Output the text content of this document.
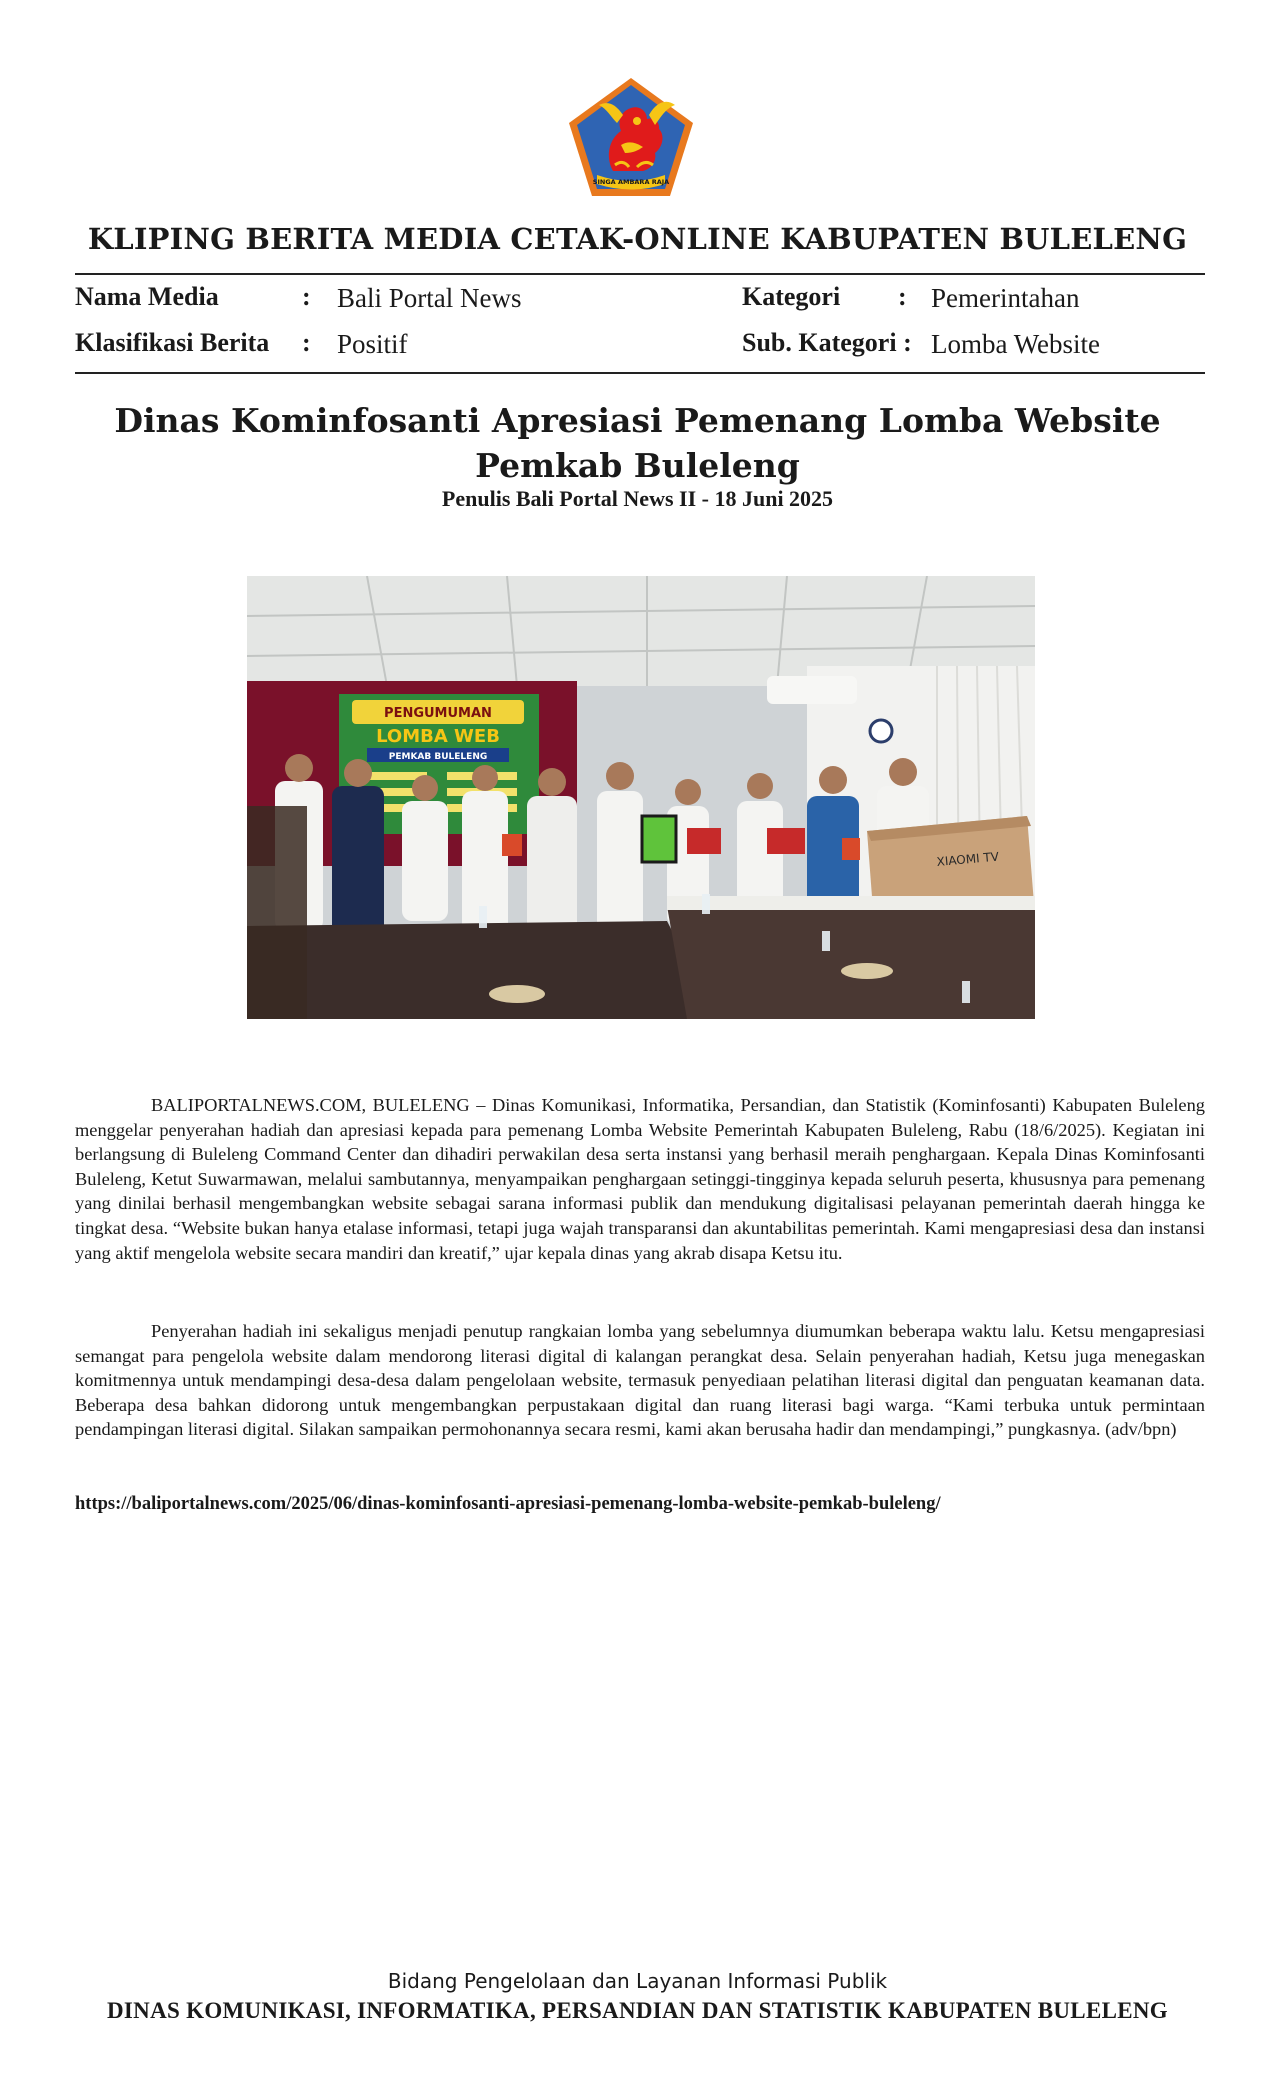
SINGA AMBARA RAJA
KLIPING BERITA MEDIA CETAK-ONLINE KABUPATEN BULELENG
Nama Media	: Bali Portal News	Kategori : Pemerintahan
Klasifikasi Berita : Positif	Sub. Kategori : Lomba Website
Dinas Kominfosanti Apresiasi Pemenang Lomba Website
Pemkab Buleleng
Penulis Bali Portal News II - 18 Juni 2025
PENGUMUMAN
LOMBA WEB
PEMKAB BULELENG
XIAOMI TV

BALIPORTALNEWS.COM, BULELENG – Dinas Komunikasi, Informatika, Persandian, dan Statistik (Kominfosanti) Kabupaten Buleleng menggelar penyerahan hadiah dan apresiasi kepada para pemenang Lomba Website Pemerintah Kabupaten Buleleng, Rabu (18/6/2025). Kegiatan ini berlangsung di Buleleng Command Center dan dihadiri perwakilan desa serta instansi yang berhasil meraih penghargaan. Kepala Dinas Kominfosanti Buleleng, Ketut Suwarmawan, melalui sambutannya, menyampaikan penghargaan setinggi-tingginya kepada seluruh peserta, khususnya para pemenang yang dinilai berhasil mengembangkan website sebagai sarana informasi publik dan mendukung digitalisasi pelayanan pemerintah daerah hingga ke tingkat desa. “Website bukan hanya etalase informasi, tetapi juga wajah transparansi dan akuntabilitas pemerintah. Kami mengapresiasi desa dan instansi yang aktif mengelola website secara mandiri dan kreatif,” ujar kepala dinas yang akrab disapa Ketsu itu.

Penyerahan hadiah ini sekaligus menjadi penutup rangkaian lomba yang sebelumnya diumumkan beberapa waktu lalu. Ketsu mengapresiasi semangat para pengelola website dalam mendorong literasi digital di kalangan perangkat desa. Selain penyerahan hadiah, Ketsu juga menegaskan komitmennya untuk mendampingi desa-desa dalam pengelolaan website, termasuk penyediaan pelatihan literasi digital dan penguatan keamanan data. Beberapa desa bahkan didorong untuk mengembangkan perpustakaan digital dan ruang literasi bagi warga. “Kami terbuka untuk permintaan pendampingan literasi digital. Silakan sampaikan permohonannya secara resmi, kami akan berusaha hadir dan mendampingi,” pungkasnya. (adv/bpn)

https://baliportalnews.com/2025/06/dinas-kominfosanti-apresiasi-pemenang-lomba-website-pemkab-buleleng/
Bidang Pengelolaan dan Layanan Informasi Publik
DINAS KOMUNIKASI, INFORMATIKA, PERSANDIAN DAN STATISTIK KABUPATEN BULELENG
